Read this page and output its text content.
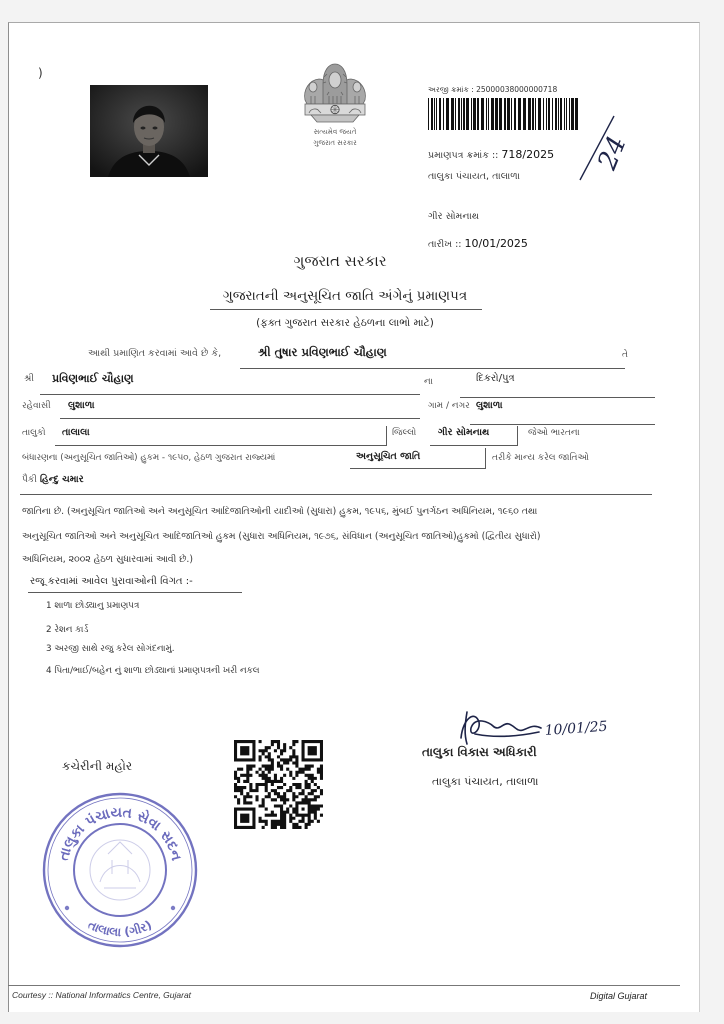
)
સત્યમેવ જયતે
ગુજરાત સરકાર
અરજી ક્રમાંક : 25000038000000718
પ્રમાણપત્ર ક્રમાંક :: 718/2025 24
તાલુકા પંચાયત, તાલાળા
ગીર સોમનાથ
તારીખ :: 10/01/2025
ગુજરાત સરકાર
ગુજરાતની અનુસૂચિત જાતિ અંગેનું પ્રમાણપત્ર
(ફક્ત ગુજરાત સરકાર હેઠળના લાભો માટે)
આથી પ્રમાણિત કરવામાં આવે છે કે,	શ્રી તુષાર પ્રવિણભાઈ ચૌહાણ	તે
શ્રી પ્રવિણભાઈ ચૌહાણ	ના	દિકરો/પુત્ર
રહેવાસી લુશાળા	ગામ / નગર લુશાળા
તાલુકો તાલાલા	જિલ્લો ગીર સોમનાથ	જેઓ ભારતના
બંધારણના (અનુસૂચિત જાતિઓ) હુકમ - ૧૯૫૦, હેઠળ ગુજરાત રાજ્યમાં	અનુસૂચિત જાતિ	તરીકે માન્ય કરેલ જાતિઓ
પૈકી હિન્દુ ચમાર
જાતિના છે. (અનુસૂચિત જાતિઓ અને અનુસૂચિત આદિજાતિઓની યાદીઓ (સુધારા) હુકમ, ૧૯૫૬, મુંબઈ પુનર્ગઠન અધિનિયમ, ૧૯૬૦ તથા
અનુસૂચિત જાતિઓ અને અનુસૂચિત આદિજાતિઓ હુકમ (સુધારા અધિનિયમ, ૧૯૭૬, સંવિધાન (અનુસૂચિત જાતિઓ)હુકમો (દ્વિતીય સુધારો)
અધિનિયમ, ૨૦૦૨ હેઠળ સુધારવામાં આવી છે.)
રજૂ કરવામાં આવેલ પુરાવાઓની વિગત :-
1 શાળા છોડ્યાનુ પ્રમાણપત્ર
2 રેશન કાર્ડ
3 અરજી સાથે રજુ કરેલ સોગંદનામું.
4 પિતા/ભાઈ/બહેન નું શાળા છોડ્યાનાં પ્રમાણપત્રની ખરી નકલ
કચેરીની મહોર
10/01/25
તાલુકા વિકાસ અધિકારી
તાલુકા પંચાયત, તાલાળા
તાલુકા પંચાયત સેવા સદન
તાલાલા (ગીર)
Courtesy :: National Informatics Centre, Gujarat	Digital Gujarat
